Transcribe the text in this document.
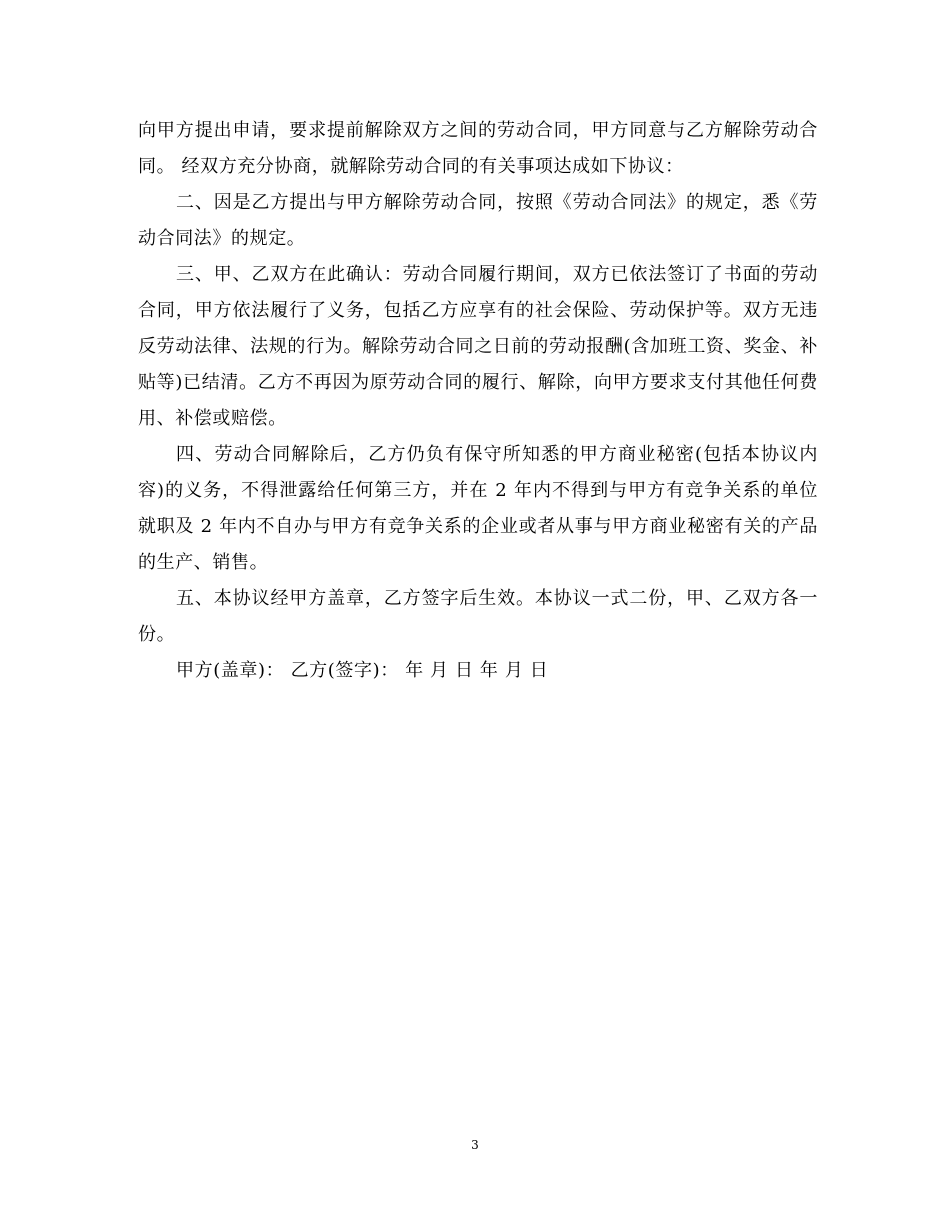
向甲方提出申请，要求提前解除双方之间的劳动合同，甲方同意与乙方解除劳动合同。 经双方充分协商，就解除劳动合同的有关事项达成如下协议：

二、因是乙方提出与甲方解除劳动合同，按照《劳动合同法》的规定，悉《劳动合同法》的规定。

三、甲、乙双方在此确认：劳动合同履行期间，双方已依法签订了书面的劳动合同，甲方依法履行了义务，包括乙方应享有的社会保险、劳动保护等。双方无违反劳动法律、法规的行为。解除劳动合同之日前的劳动报酬(含加班工资、奖金、补贴等)已结清。乙方不再因为原劳动合同的履行、解除，向甲方要求支付其他任何费用、补偿或赔偿。

四、劳动合同解除后，乙方仍负有保守所知悉的甲方商业秘密(包括本协议内容)的义务，不得泄露给任何第三方，并在 2 年内不得到与甲方有竞争关系的单位就职及 2 年内不自办与甲方有竞争关系的企业或者从事与甲方商业秘密有关的产品的生产、销售。

五、本协议经甲方盖章，乙方签字后生效。本协议一式二份，甲、乙双方各一份。

甲方(盖章)： 乙方(签字)： 年 月 日 年 月 日

3
